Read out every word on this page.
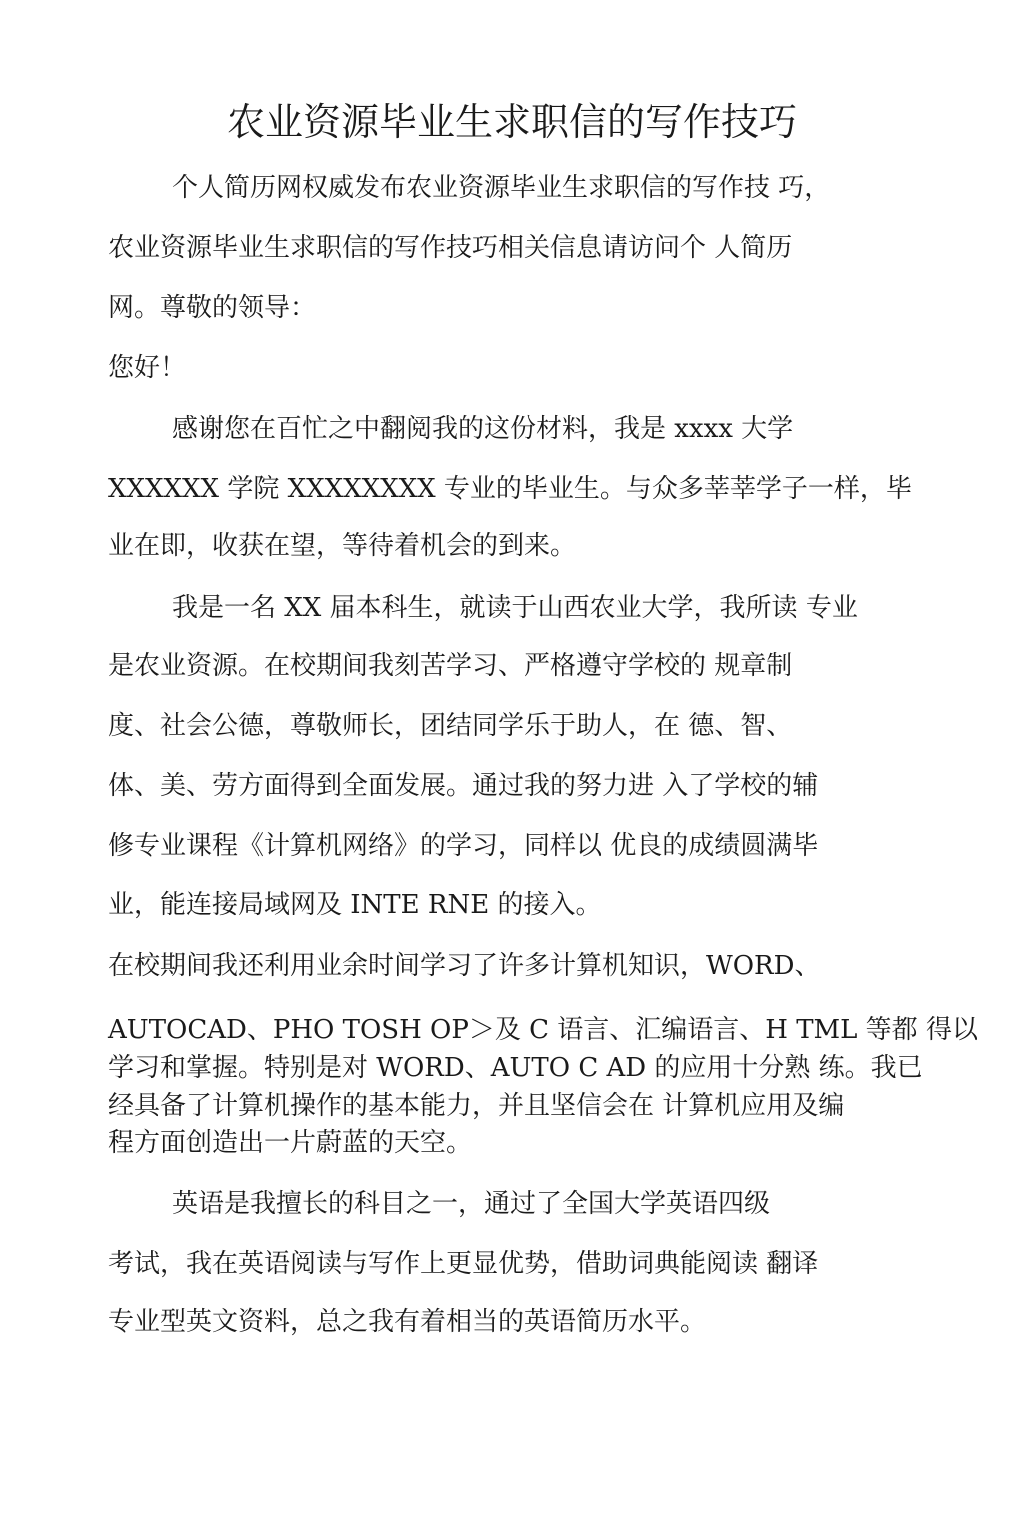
农业资源毕业生求职信的写作技巧
个人简历网权威发布农业资源毕业生求职信的写作技 巧，
农业资源毕业生求职信的写作技巧相关信息请访问个 人简历
网。尊敬的领导：
您好！
感谢您在百忙之中翻阅我的这份材料，我是 xxxx 大学
XXXXXX 学院 XXXXXXXX 专业的毕业生。与众多莘莘学子一样，毕
业在即，收获在望，等待着机会的到来。
我是一名 XX 届本科生，就读于山西农业大学，我所读 专业
是农业资源。在校期间我刻苦学习、严格遵守学校的 规章制
度、社会公德，尊敬师长，团结同学乐于助人，在 德、智、
体、美、劳方面得到全面发展。通过我的努力进 入了学校的辅
修专业课程《计算机网络》的学习，同样以 优良的成绩圆满毕
业，能连接局域网及 INTE RNE 的接入。
在校期间我还利用业余时间学习了许多计算机知识，WORD、
AUTOCAD、PHO TOSH OP＞及 C 语言、汇编语言、H TML 等都 得以
学习和掌握。特别是对 WORD、AUTO C AD 的应用十分熟 练。我已
经具备了计算机操作的基本能力，并且坚信会在 计算机应用及编
程方面创造出一片蔚蓝的天空。
英语是我擅长的科目之一，通过了全国大学英语四级
考试，我在英语阅读与写作上更显优势，借助词典能阅读 翻译
专业型英文资料，总之我有着相当的英语简历水平。
